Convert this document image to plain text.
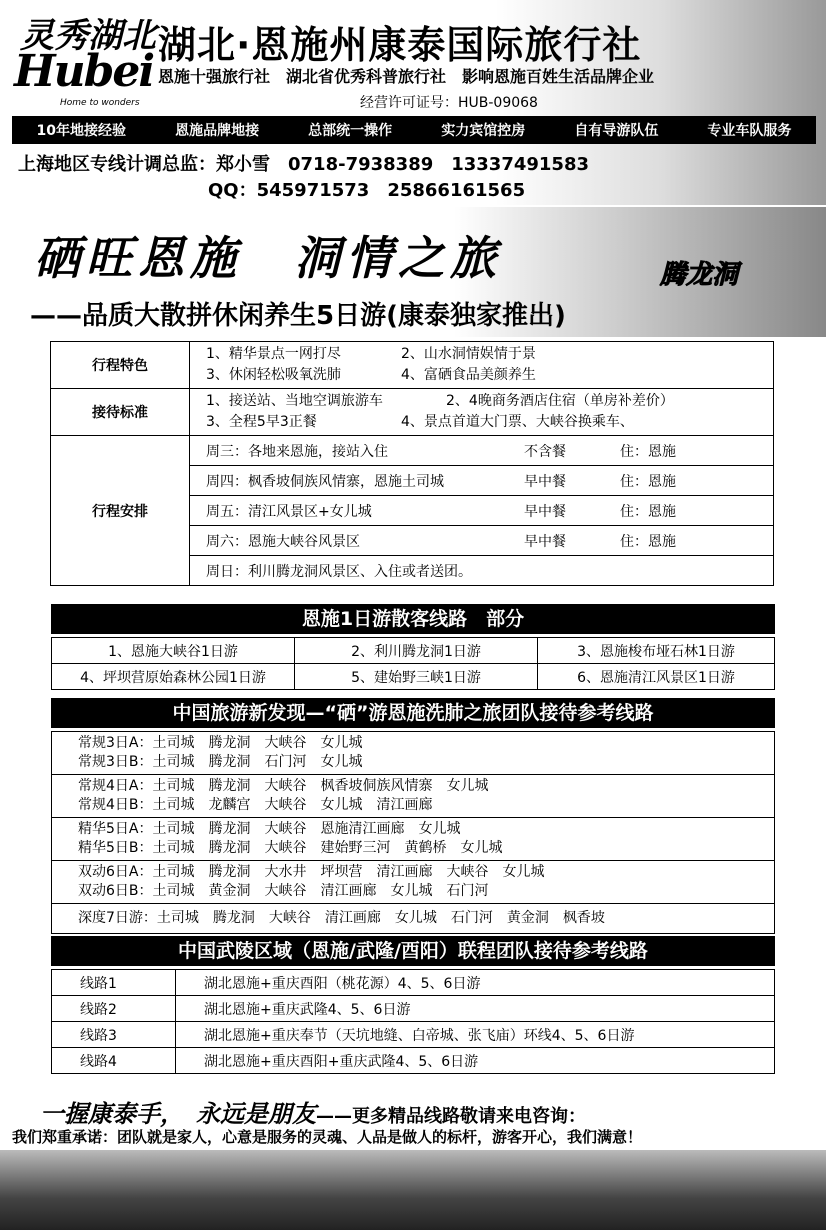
灵秀湖北
Hubei
Home to wonders
湖北·恩施州康泰国际旅行社
恩施十强旅行社　湖北省优秀科普旅行社　影响恩施百姓生活品牌企业
经营许可证号：HUB-09068
10年地接经验	恩施品牌地接	总部统一操作	实力宾馆控房	自有导游队伍	专业车队服务
上海地区专线计调总监：郑小雪　0718-7938389　13337491583
QQ：545971573　25866161565
硒旺恩施　洞情之旅	腾龙洞
——品质大散拼休闲养生5日游(康泰独家推出)
行程特色	1、精华景点一网打尽 2、山水洞情娱情于景
3、休闲轻松吸氧洗肺 4、富硒食品美颜养生
接待标准	1、接送站、当地空调旅游车 2、4晚商务酒店住宿（单房补差价）
3、全程5早3正餐 4、景点首道大门票、大峡谷换乘车、
行程安排	周三：各地来恩施，接站入住 不含餐 住：恩施
	周四：枫香坡侗族风情寨，恩施土司城 早中餐 住：恩施
	周五：清江风景区+女儿城 早中餐 住：恩施
	周六：恩施大峡谷风景区 早中餐 住：恩施
	周日：利川腾龙洞风景区、入住或者送团。
恩施1日游散客线路　部分
1、恩施大峡谷1日游	2、利川腾龙洞1日游	3、恩施梭布垭石林1日游
4、坪坝营原始森林公园1日游	5、建始野三峡1日游	6、恩施清江风景区1日游
中国旅游新发现—“硒”游恩施洗肺之旅团队接待参考线路
常规3日A：土司城　腾龙洞　大峡谷　女儿城
常规3日B：土司城　腾龙洞　石门河　女儿城

常规4日A：土司城　腾龙洞　大峡谷　枫香坡侗族风情寨　女儿城
常规4日B：土司城　龙麟宫　大峡谷　女儿城　清江画廊

精华5日A：土司城　腾龙洞　大峡谷　恩施清江画廊　女儿城
精华5日B：土司城　腾龙洞　大峡谷　建始野三河　黄鹤桥　女儿城

双动6日A：土司城　腾龙洞　大水井　坪坝营　清江画廊　大峡谷　女儿城
双动6日B：土司城　黄金洞　大峡谷　清江画廊　女儿城　石门河

深度7日游：土司城　腾龙洞　大峡谷　清江画廊　女儿城　石门河　黄金洞　枫香坡
中国武陵区域（恩施/武隆/酉阳）联程团队接待参考线路
线路1	湖北恩施+重庆酉阳（桃花源）4、5、6日游
线路2	湖北恩施+重庆武隆4、5、6日游
线路3	湖北恩施+重庆奉节（天坑地缝、白帝城、张飞庙）环线4、5、6日游
线路4	湖北恩施+重庆酉阳+重庆武隆4、5、6日游
一握康泰手，　永远是朋友——更多精品线路敬请来电咨询：
我们郑重承诺：团队就是家人，心意是服务的灵魂、人品是做人的标杆，游客开心，我们满意！
